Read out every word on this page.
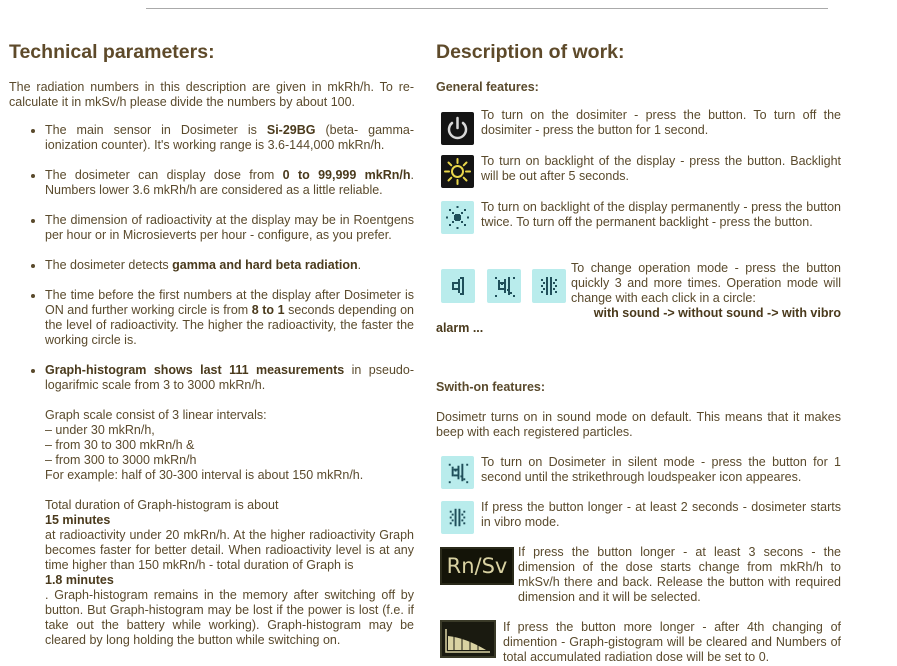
Technical parameters:

The radiation numbers in this description are given in mkRh/h. To re-calculate it in mkSv/h please divide the numbers by about 100.

• The main sensor in Dosimeter is Si-29BG (beta- gamma-ionization counter). It's working range is 3.6-144,000 mkRn/h.
• The dosimeter can display dose from 0 to 99,999 mkRn/h. Numbers lower 3.6 mkRh/h are considered as a little reliable.
• The dimension of radioactivity at the display may be in Roentgens per hour or in Microsieverts per hour - configure, as you prefer.
• The dosimeter detects gamma and hard beta radiation.
• The time before the first numbers at the display after Dosimeter is ON and further working circle is from 8 to 1 seconds depending on the level of radioactivity. The higher the radioactivity, the faster the working circle is.
• Graph-histogram shows last 111 measurements in pseudo-logarifmic scale from 3 to 3000 mkRn/h.
Graph scale consist of 3 linear intervals:
– under 30 mkRn/h,
– from 30 to 300 mkRn/h &
– from 300 to 3000 mkRn/h
For example: half of 30-300 interval is about 150 mkRn/h.
Total duration of Graph-histogram is about
15 minutes
at radioactivity under 20 mkRn/h. At the higher radioactivity Graph becomes faster for better detail. When radioactivity level is at any time higher than 150 mkRn/h - total duration of Graph is
1.8 minutes
. Graph-histogram remains in the memory after switching off by button. But Graph-histogram may be lost if the power is lost (f.e. if take out the battery while working). Graph-histogram may be cleared by long holding the button while switching on.
Description of work:

General features:

To turn on the dosimiter - press the button. To turn off the dosimiter - press the button for 1 second.
To turn on backlight of the display - press the button. Backlight will be out after 5 seconds.
To turn on backlight of the display permanently - press the button twice. To turn off the permanent backlight - press the button.
To change operation mode - press the button quickly 3 and more times. Operation mode will change with each click in a circle:
with sound -> without sound -> with vibro
alarm ...

Swith-on features:

Dosimetr turns on in sound mode on default. This means that it makes beep with each registered particles.
To turn on Dosimeter in silent mode - press the button for 1 second until the strikethrough loudspeaker icon appeares.
If press the button longer - at least 2 seconds - dosimeter starts in vibro mode.
Rn/Sv
If press the button longer - at least 3 secons - the dimension of the dose starts change from mkRh/h to mkSv/h there and back. Release the button with required dimension and it will be selected.
If press the button more longer - after 4th changing of dimention - Graph-gistogram will be cleared and Numbers of total accumulated radiation dose will be set to 0.
